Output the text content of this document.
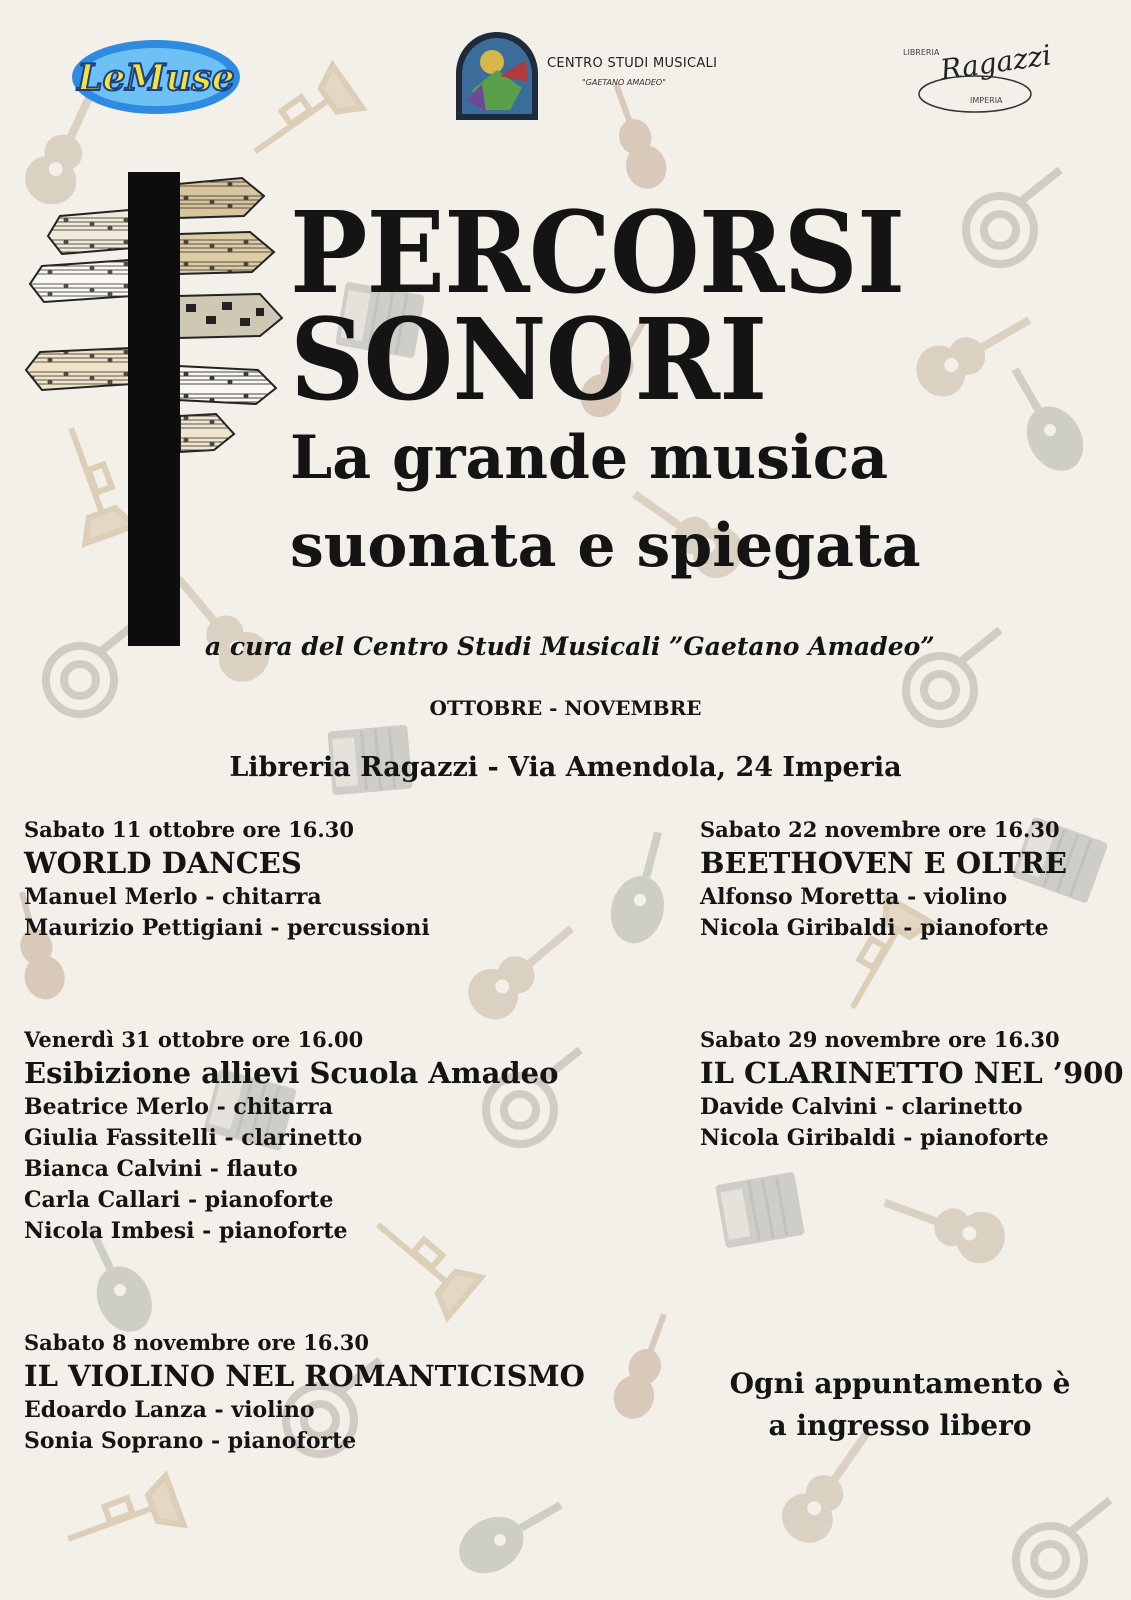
LeMuse	CENTRO STUDI MUSICALI
"GAETANO AMADEO"
LIBRERIA
Ragazzi
IMPERIA
PERCORSI
SONORI
La grande musica
suonata e spiegata
a cura del Centro Studi Musicali ”Gaetano Amadeo”
OTTOBRE - NOVEMBRE
Libreria Ragazzi - Via Amendola, 24 Imperia
Sabato 11 ottobre ore 16.30
WORLD DANCES
Manuel Merlo - chitarra
Maurizio Pettigiani - percussioni
Sabato 22 novembre ore 16.30
BEETHOVEN E OLTRE
Alfonso Moretta - violino
Nicola Giribaldi - pianoforte
Venerdì 31 ottobre ore 16.00
Esibizione allievi Scuola Amadeo
Beatrice Merlo - chitarra
Giulia Fassitelli - clarinetto
Bianca Calvini - flauto
Carla Callari - pianoforte
Nicola Imbesi - pianoforte
Sabato 29 novembre ore 16.30
IL CLARINETTO NEL ’900
Davide Calvini - clarinetto
Nicola Giribaldi - pianoforte
Sabato 8 novembre ore 16.30
IL VIOLINO NEL ROMANTICISMO
Edoardo Lanza - violino
Sonia Soprano - pianoforte
Ogni appuntamento è
a ingresso libero
